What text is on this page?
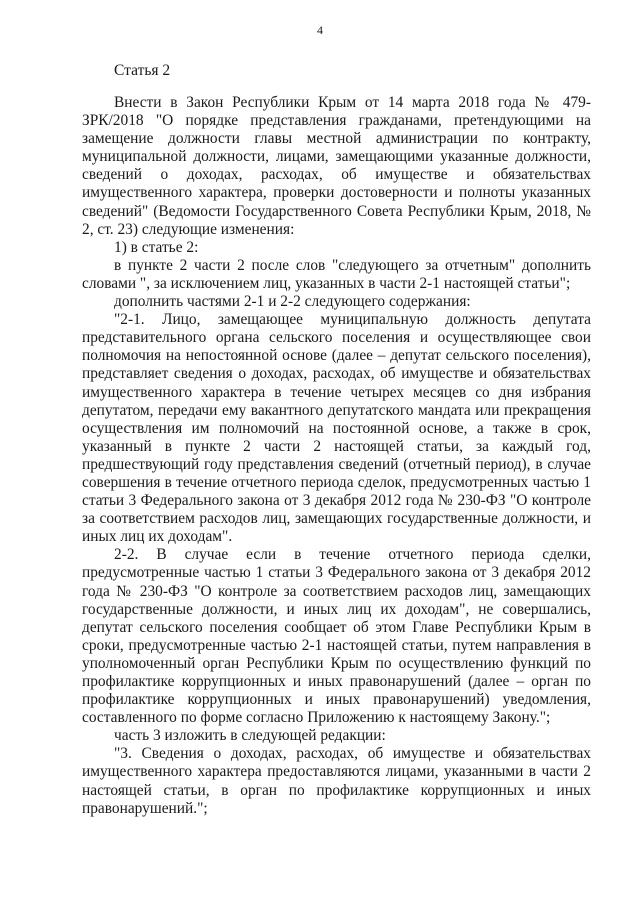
4
Статья 2

Внести в Закон Республики Крым от 14 марта 2018 года № 479-ЗРК/2018 "О порядке представления гражданами, претендующими на замещение должности главы местной администрации по контракту, муниципальной должности, лицами, замещающими указанные должности, сведений о доходах, расходах, об имуществе и обязательствах имущественного характера, проверки достоверности и полноты указанных сведений" (Ведомости Государственного Совета Республики Крым, 2018, № 2, ст. 23) следующие изменения:

1) в статье 2:

в пункте 2 части 2 после слов "следующего за отчетным" дополнить словами ", за исключением лиц, указанных в части 2-1 настоящей статьи";

дополнить частями 2-1 и 2-2 следующего содержания:

"2-1. Лицо, замещающее муниципальную должность депутата представительного органа сельского поселения и осуществляющее свои полномочия на непостоянной основе (далее – депутат сельского поселения), представляет сведения о доходах, расходах, об имуществе и обязательствах имущественного характера в течение четырех месяцев со дня избрания депутатом, передачи ему вакантного депутатского мандата или прекращения осуществления им полномочий на постоянной основе, а также в срок, указанный в пункте 2 части 2 настоящей статьи, за каждый год, предшествующий году представления сведений (отчетный период), в случае совершения в течение отчетного периода сделок, предусмотренных частью 1 статьи 3 Федерального закона от 3 декабря 2012 года № 230-ФЗ "О контроле за соответствием расходов лиц, замещающих государственные должности, и иных лиц их доходам".

2-2. В случае если в течение отчетного периода сделки, предусмотренные частью 1 статьи 3 Федерального закона от 3 декабря 2012 года № 230-ФЗ "О контроле за соответствием расходов лиц, замещающих государственные должности, и иных лиц их доходам", не совершались, депутат сельского поселения сообщает об этом Главе Республики Крым в сроки, предусмотренные частью 2-1 настоящей статьи, путем направления в уполномоченный орган Республики Крым по осуществлению функций по профилактике коррупционных и иных правонарушений (далее – орган по профилактике коррупционных и иных правонарушений) уведомления, составленного по форме согласно Приложению к настоящему Закону.";

часть 3 изложить в следующей редакции:

"3. Сведения о доходах, расходах, об имуществе и обязательствах имущественного характера предоставляются лицами, указанными в части 2 настоящей статьи, в орган по профилактике коррупционных и иных правонарушений.";
